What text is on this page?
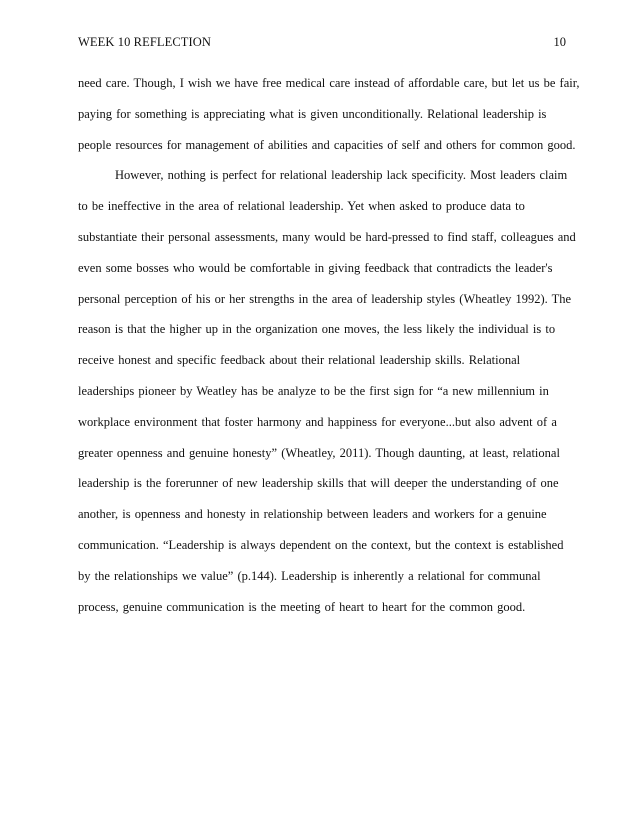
WEEK 10 REFLECTION	10
need care. Though, I wish we have free medical care instead of affordable care, but let us be fair,
paying for something is appreciating what is given unconditionally. Relational leadership is
people resources for management of abilities and capacities of self and others for common good.
However, nothing is perfect for relational leadership lack specificity. Most leaders claim
to be ineffective in the area of relational leadership. Yet when asked to produce data to
substantiate their personal assessments, many would be hard-pressed to find staff, colleagues and
even some bosses who would be comfortable in giving feedback that contradicts the leader's
personal perception of his or her strengths in the area of leadership styles (Wheatley 1992). The
reason is that the higher up in the organization one moves, the less likely the individual is to
receive honest and specific feedback about their relational leadership skills. Relational
leaderships pioneer by Weatley has be analyze to be the first sign for “a new millennium in
workplace environment that foster harmony and happiness for everyone...but also advent of a
greater openness and genuine honesty” (Wheatley, 2011). Though daunting, at least, relational
leadership is the forerunner of new leadership skills that will deeper the understanding of one
another, is openness and honesty in relationship between leaders and workers for a genuine
communication. “Leadership is always dependent on the context, but the context is established
by the relationships we value” (p.144). Leadership is inherently a relational for communal
process, genuine communication is the meeting of heart to heart for the common good.
